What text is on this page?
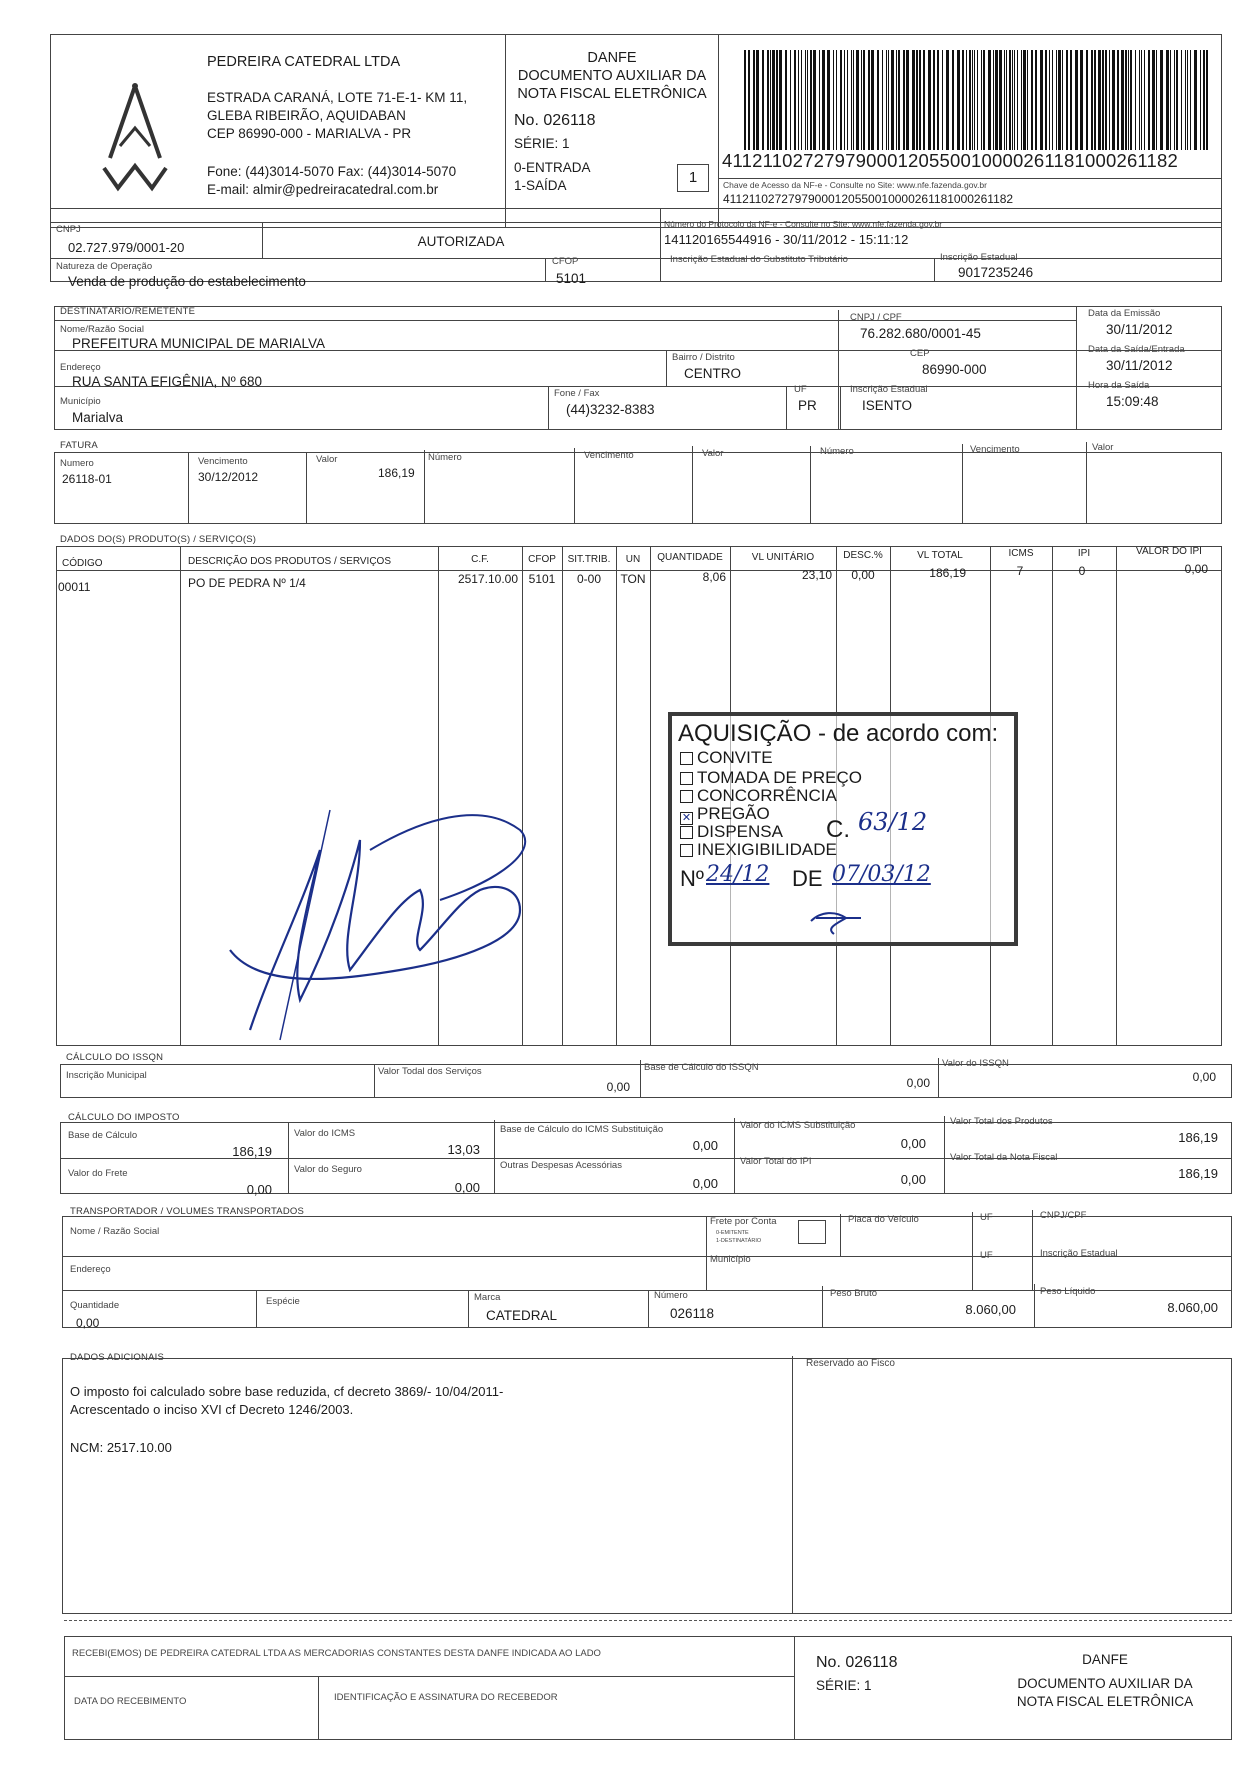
PEDREIRA CATEDRAL LTDA
ESTRADA CARANÁ, LOTE 71-E-1- KM 11,
GLEBA RIBEIRÃO, AQUIDABAN
CEP 86990-000 - MARIALVA - PR
Fone: (44)3014-5070 Fax: (44)3014-5070
E-mail: almir@pedreiracatedral.com.br
DANFE
DOCUMENTO AUXILIAR DA
NOTA FISCAL ELETRÔNICA
No. 026118
SÉRIE: 1
0-ENTRADA
1-SAÍDA	1
41121102727979000120550010000261181000261182
Chave de Acesso da NF-e - Consulte no Site: www.nfe.fazenda.gov.br
41121102727979000120550010000261181000261182
CNPJ
02.727.979/0001-20	AUTORIZADA
Número do Protocolo da NF-e - Consulte no Site: www.nfe.fazenda.gov.br
141120165544916 - 30/11/2012 - 15:11:12
Natureza de Operação
Venda de produção do estabelecimento
CFOP
5101
Inscrição Estadual do Substituto Tributário	Inscrição Estadual
9017235246
DESTINATÁRIO/REMETENTE
Nome/Razão Social
PREFEITURA MUNICIPAL DE MARIALVA
CNPJ / CPF
76.282.680/0001-45
Data da Emissão
30/11/2012
Endereço
RUA SANTA EFIGÊNIA, Nº 680
Bairro / Distrito
CENTRO
CEP
86990-000
Data da Saída/Entrada
30/11/2012
Município
Marialva
Fone / Fax
(44)3232-8383
UF
PR
Inscrição Estadual
ISENTO
Hora da Saída
15:09:48
FATURA
Numero
26118-01
Vencimento
30/12/2012
Valor
186,19
Número	Vencimento	Valor	Número	Vencimento	Valor
DADOS DO(S) PRODUTO(S) / SERVIÇO(S)
CÓDIGO	DESCRIÇÃO DOS PRODUTOS / SERVIÇOS	C.F.	CFOP	SIT.TRIB.	UN	QUANTIDADE	VL UNITÁRIO	DESC.%	VL TOTAL	ICMS	IPI	VALOR DO IPI
00011	PO DE PEDRA Nº 1/4	2517.10.00 5101	0-00	TON	8,06	23,10	0,00	186,19	7	0	0,00
AQUISIÇÃO - de acordo com:
CONVITE
TOMADA DE PREÇO
CONCORRÊNCIA
✕ PREGÃO
DISPENSA
INEXIGIBILIDADE
C. 63/12
Nº 24/12 DE 07/03/12
CÁLCULO DO ISSQN
Inscrição Municipal	Valor Todal dos Serviços
0,00
Base de Cálculo do ISSQN
0,00
Valor do ISSQN
0,00
CÁLCULO DO IMPOSTO
Base de Cálculo
186,19
Valor do ICMS
13,03
Base de Cálculo do ICMS Substituição
0,00
Valor do ICMS Substituição
0,00
Valor Total dos Produtos
186,19
Valor do Frete
0,00
Valor do Seguro
0,00
Outras Despesas Acessórias
0,00
Valor Total do IPI
0,00
Valor Total da Nota Fiscal
186,19
TRANSPORTADOR / VOLUMES TRANSPORTADOS
Nome / Razão Social
Frete por Conta
0-EMITENTE
1-DESTINATÁRIO
Placa do Veículo	UF	CNPJ/CPF
Endereço
Município	UF	Inscrição Estadual
Quantidade
0,00
Espécie	Marca
CATEDRAL
Número
026118
Peso Bruto
8.060,00
Peso Líquido
8.060,00
DADOS ADICIONAIS
O imposto foi calculado sobre base reduzida, cf decreto 3869/- 10/04/2011-
Acrescentado o inciso XVI cf Decreto 1246/2003.
NCM: 2517.10.00
Reservado ao Fisco
RECEBI(EMOS) DE PEDREIRA CATEDRAL LTDA AS MERCADORIAS CONSTANTES DESTA DANFE INDICADA AO LADO
DATA DO RECEBIMENTO	IDENTIFICAÇÃO E ASSINATURA DO RECEBEDOR
No. 026118
SÉRIE: 1
DANFE
DOCUMENTO AUXILIAR DA
NOTA FISCAL ELETRÔNICA
